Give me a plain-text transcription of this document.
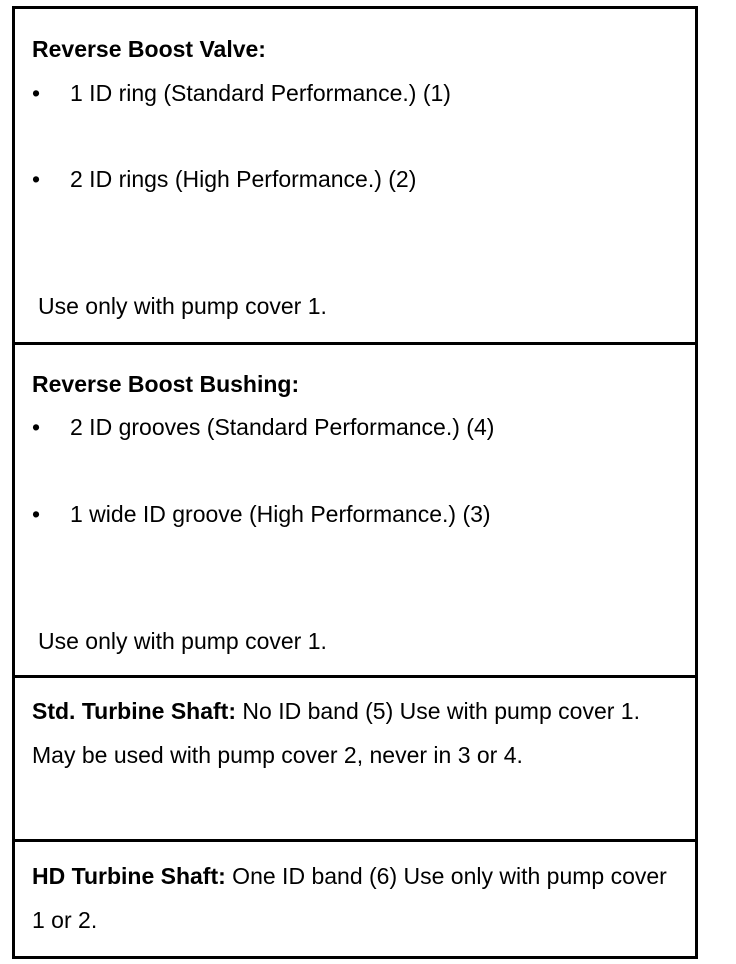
Reverse Boost Valve:
• 1 ID ring (Standard Performance.) (1)
• 2 ID rings (High Performance.) (2)
Use only with pump cover 1.
Reverse Boost Bushing:
• 2 ID grooves (Standard Performance.) (4)
• 1 wide ID groove (High Performance.) (3)
Use only with pump cover 1.
Std. Turbine Shaft: No ID band (5) Use with pump cover 1. May be used with pump cover 2, never in 3 or 4.
HD Turbine Shaft: One ID band (6) Use only with pump cover 1 or 2.
